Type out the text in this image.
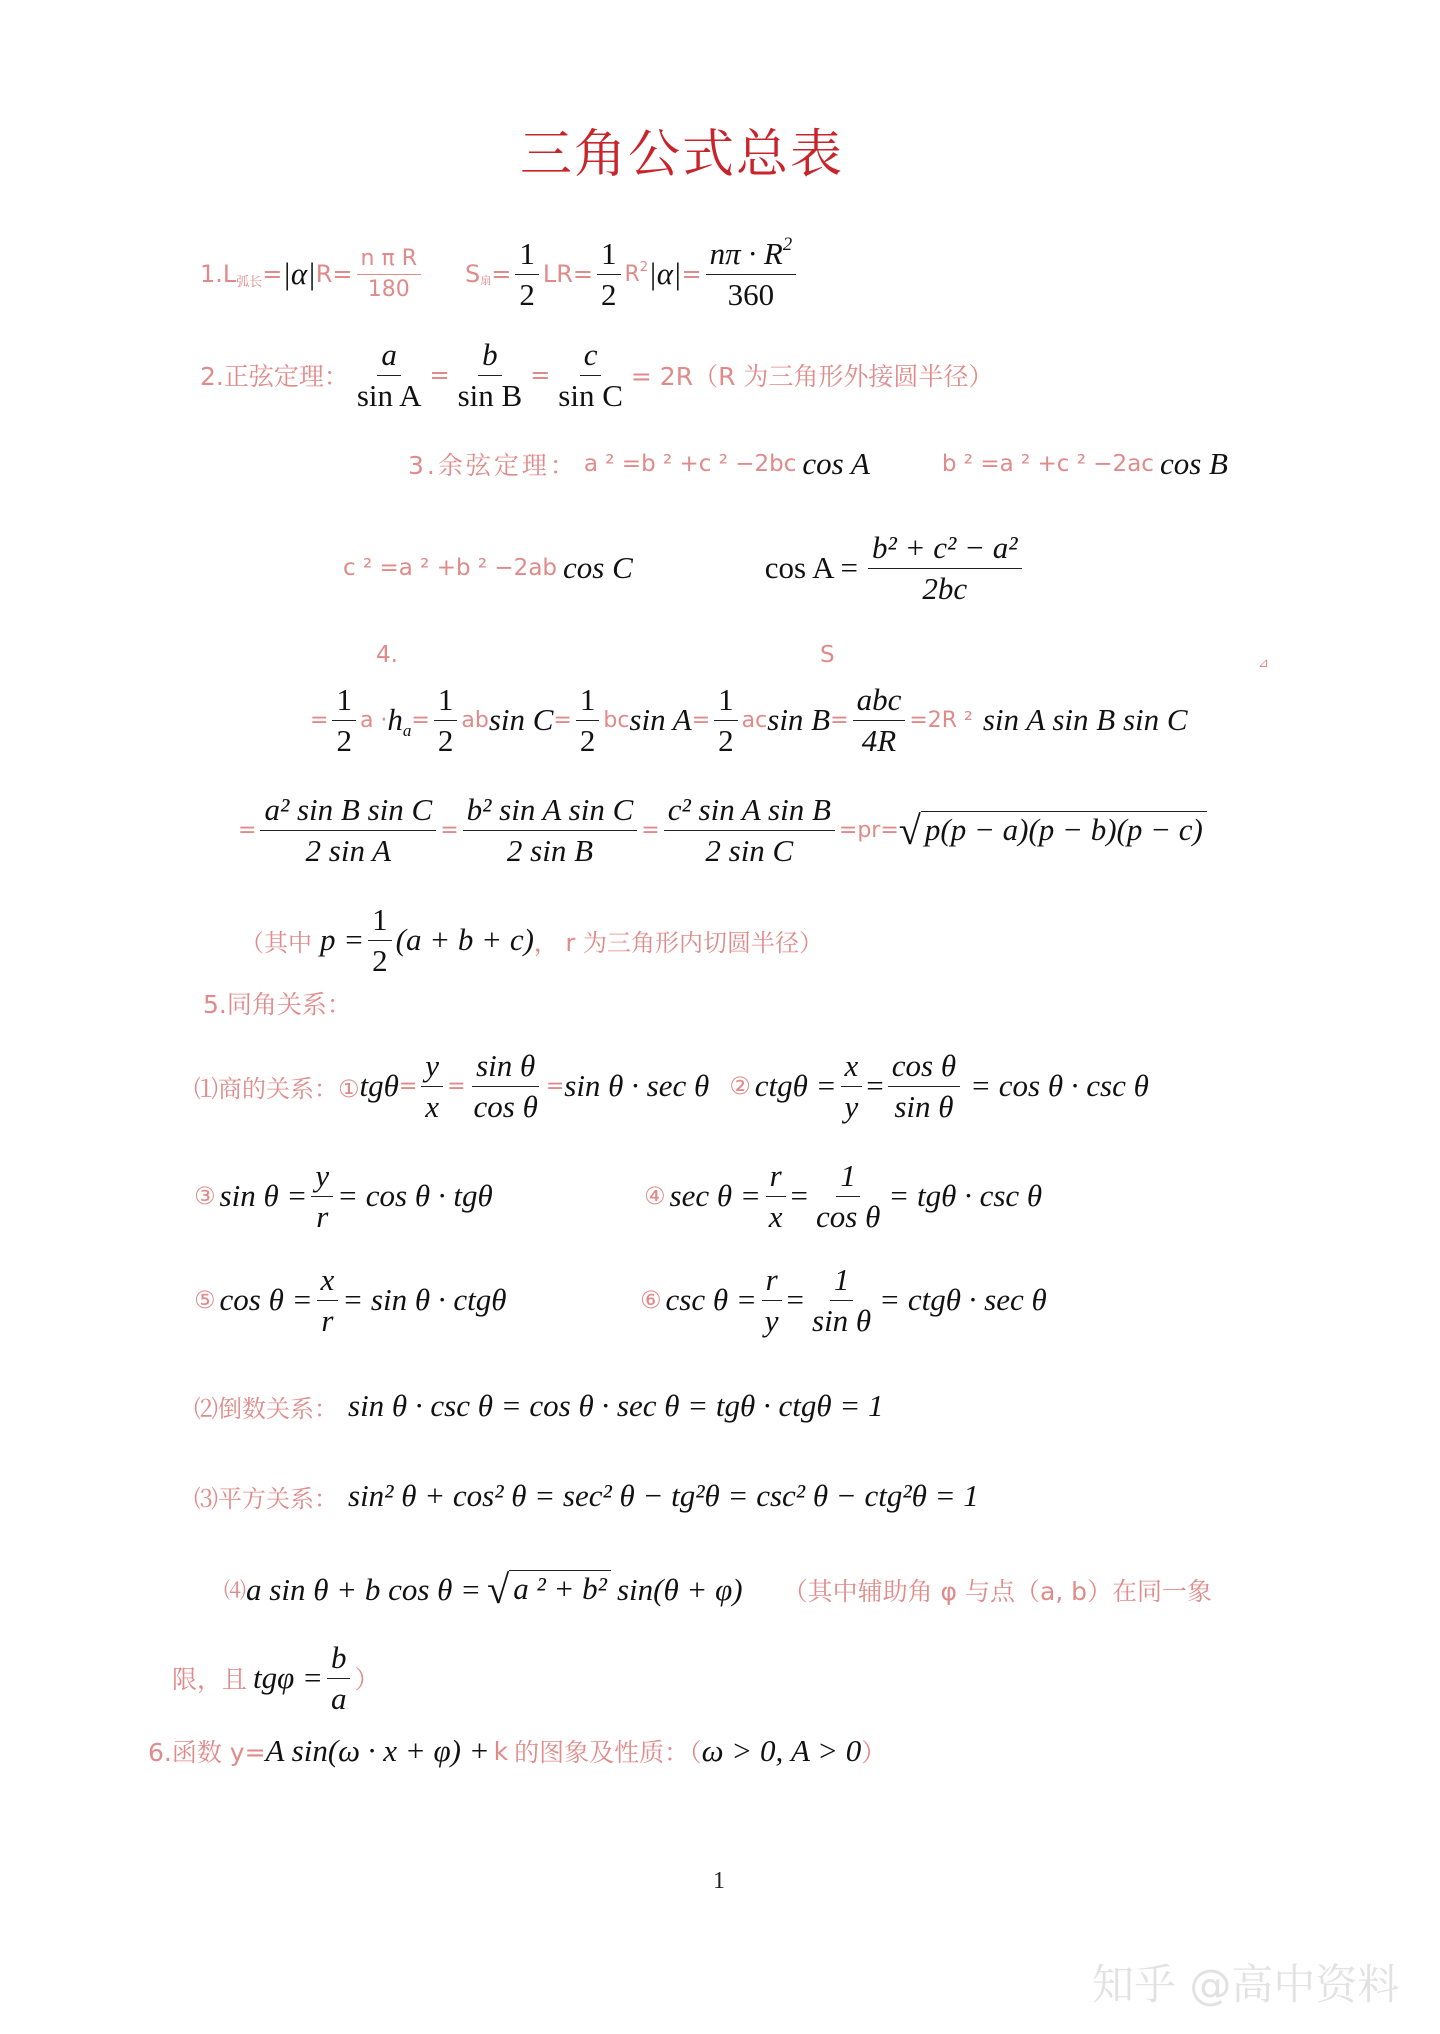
三角公式总表
1.L 弧长 = |α| $R= \frac{\text{n π R}}{180}$ S 扇 = $\frac{1}{2} LR= \frac{1}{2} R^2$ $|\alpha| = \frac{n\pi \cdot R^2}{360}$
2.正弦定理： $\frac{a}{\text{sin A}} = \frac{b}{\text{sin B}} = \frac{c}{\text{sin C}} = 2R(R$ 为三角形外接圆半径）
3.余弦定理： a ² =b ² +c ² −2bc cos A	b ² =a ² +c ² −2ac cos B
c ² =a ² +b ² −2ab cos C	$\cos A = \frac{\text{b² + c² − a²}}{2bc}$
4.	S	⊿
= $\frac{1}{2}$ $a \cdot h_a = \frac{1}{2}$ ab $\sin C = \frac{1}{2}$ bc $\sin A = \frac{1}{2}$ ac $\sin B = \frac{\text{abc}}{4R} =2R$ ² sin A sin B sin C
= $\frac{\text{a² sin B sin C}}{\text{2 sin A}} = \frac{\text{b² sin A sin C}}{\text{2 sin B}} = \frac{\text{c² sin A sin B}}{\text{2 sin C}} =pr=$ √ p(p − a)(p − b)(p − c)
（其中 $p = \frac{1}{2} (a + b + c)$ ， r 为三角形内切圆半径）
5.同角关系：
⑴商的关系：① $tg\theta = \frac{y}{x} = \frac{\text{sin θ}}{\text{cos θ}} = \sin \theta \cdot \sec \theta$ ② $ctg\theta = \frac{x}{y} = \frac{\text{cos θ}}{\text{sin θ}} = \cos \theta \cdot \csc \theta$
③ $\sin \theta = \frac{y}{r} = \cos \theta \cdot tg\theta$	④ $\sec \theta = \frac{r}{x} = \frac{1}{\text{cos θ}} = tg\theta \cdot \csc \theta$
⑤ $\cos \theta = \frac{x}{r} = \sin \theta \cdot ctg\theta$	⑥ $\csc \theta = \frac{r}{y} = \frac{1}{\text{sin θ}} = ctg\theta \cdot \sec \theta$
⑵倒数关系： sin θ · csc θ = cos θ · sec θ = tgθ · ctgθ = 1
⑶平方关系： sin² θ + cos² θ = sec² θ − tg²θ = csc² θ − ctg²θ = 1
⑷ a sin θ + b cos θ = √ a ² + b² sin(θ + φ) （其中辅助角 φ 与点（a, b）在同一象
限，且 $tg\varphi = \frac{b}{a}$ ）
6.函数 y= A sin(ω · x + φ) + k 的图象及性质：（ ω > 0, A > 0 ）
1
知乎 @高中资料
